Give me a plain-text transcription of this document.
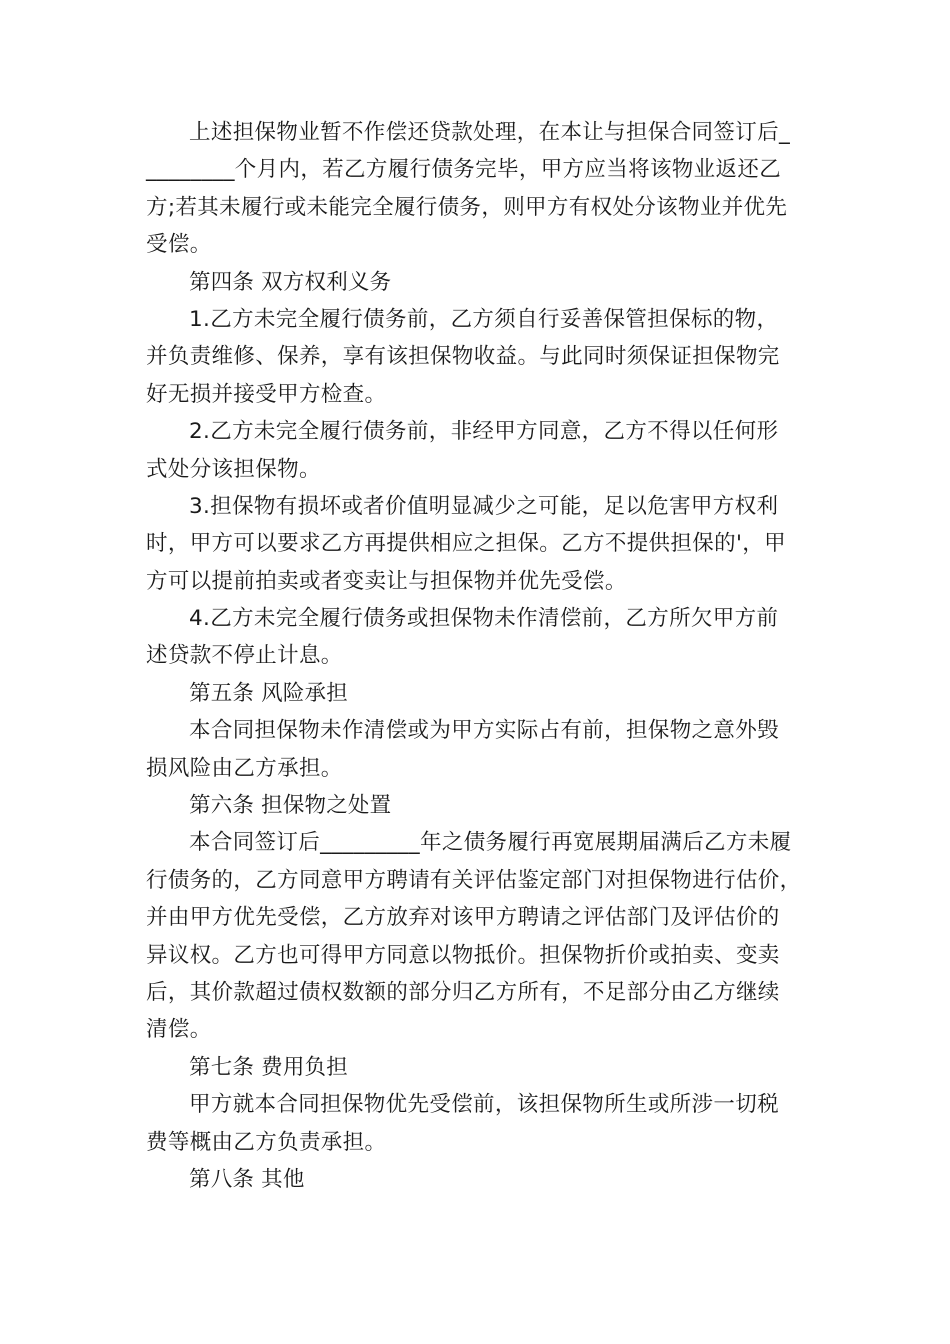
上述担保物业暂不作偿还贷款处理，在本让与担保合同签订后_
________个月内，若乙方履行债务完毕，甲方应当将该物业返还乙
方;若其未履行或未能完全履行债务，则甲方有权处分该物业并优先
受偿。
第四条 双方权利义务
1.乙方未完全履行债务前，乙方须自行妥善保管担保标的物，
并负责维修、保养，享有该担保物收益。与此同时须保证担保物完
好无损并接受甲方检查。
2.乙方未完全履行债务前，非经甲方同意，乙方不得以任何形
式处分该担保物。
3.担保物有损坏或者价值明显减少之可能，足以危害甲方权利
时，甲方可以要求乙方再提供相应之担保。乙方不提供担保的'，甲
方可以提前拍卖或者变卖让与担保物并优先受偿。
4.乙方未完全履行债务或担保物未作清偿前，乙方所欠甲方前
述贷款不停止计息。
第五条 风险承担
本合同担保物未作清偿或为甲方实际占有前，担保物之意外毁
损风险由乙方承担。
第六条 担保物之处置
本合同签订后_________年之债务履行再宽展期届满后乙方未履
行债务的，乙方同意甲方聘请有关评估鉴定部门对担保物进行估价，
并由甲方优先受偿，乙方放弃对该甲方聘请之评估部门及评估价的
异议权。乙方也可得甲方同意以物抵价。担保物折价或拍卖、变卖
后，其价款超过债权数额的部分归乙方所有，不足部分由乙方继续
清偿。
第七条 费用负担
甲方就本合同担保物优先受偿前，该担保物所生或所涉一切税
费等概由乙方负责承担。
第八条 其他
